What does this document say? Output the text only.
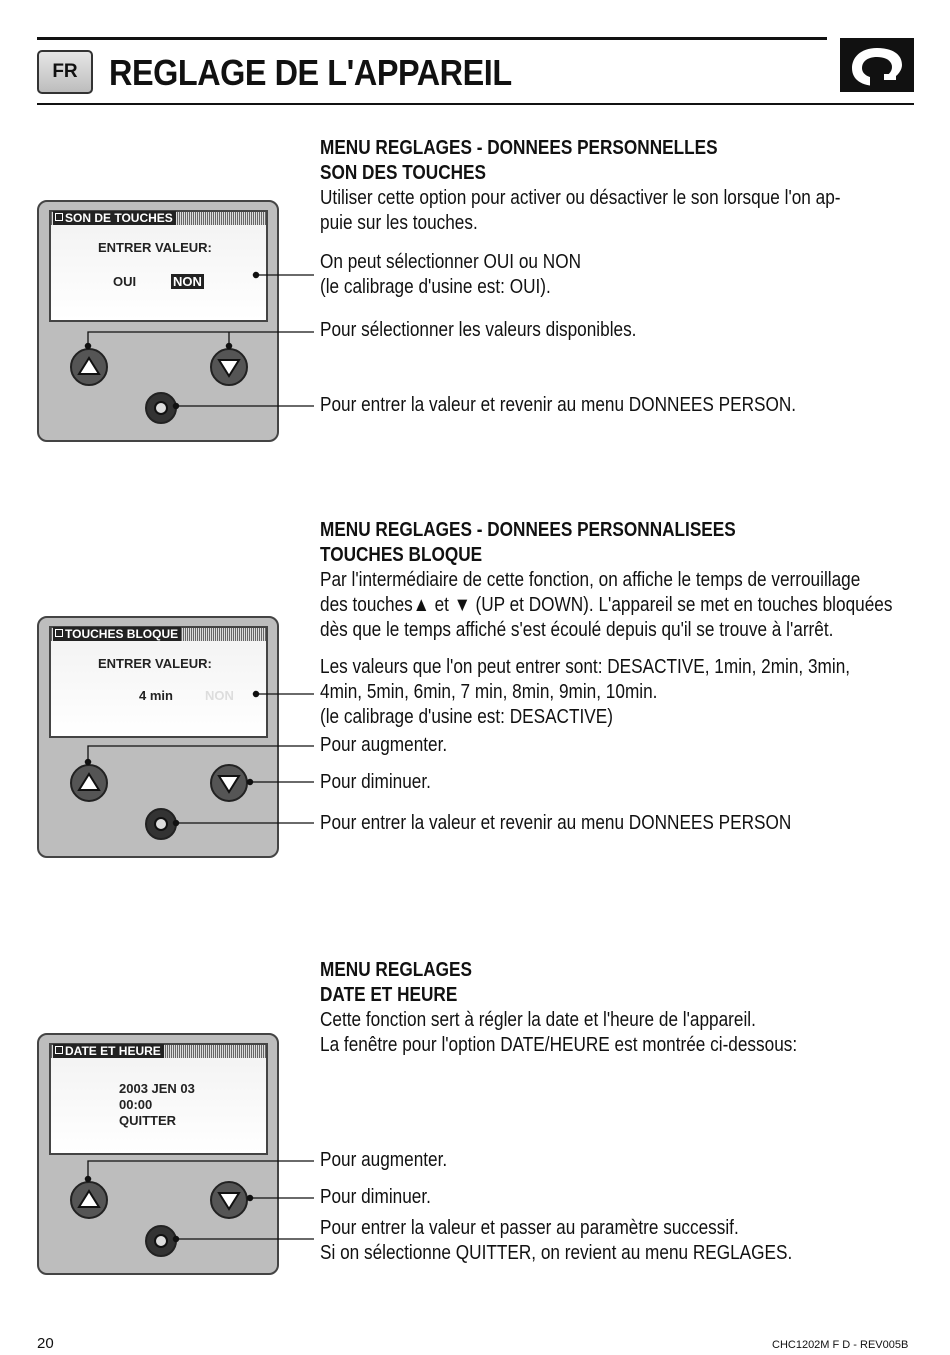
FR REGLAGE DE L'APPAREIL
MENU REGLAGES - DONNEES PERSONNELLES
SON DES TOUCHES
Utiliser cette option pour activer ou désactiver le son lorsque l'on ap-
puie sur les touches.
On peut sélectionner OUI ou NON
(le calibrage d'usine est: OUI).
Pour sélectionner les valeurs disponibles.
Pour entrer la valeur et revenir au menu DONNEES PERSON.
SON DE TOUCHES
ENTRER VALEUR:
OUI	NON
MENU REGLAGES - DONNEES PERSONNALISEES
TOUCHES BLOQUE
Par l'intermédiaire de cette fonction, on affiche le temps de verrouillage
des touches▲ et ▼ (UP et DOWN). L'appareil se met en touches bloquées
dès que le temps affiché s'est écoulé depuis qu'il se trouve à l'arrêt.
Les valeurs que l'on peut entrer sont: DESACTIVE, 1min, 2min, 3min,
4min, 5min, 6min, 7 min, 8min, 9min, 10min.
(le calibrage d'usine est: DESACTIVE)
Pour augmenter.
Pour diminuer.
Pour entrer la valeur et revenir au menu DONNEES PERSON
TOUCHES BLOQUE
ENTRER VALEUR:
4 min NON
MENU REGLAGES
DATE ET HEURE
Cette fonction sert à régler la date et l'heure de l'appareil.
La fenêtre pour l'option DATE/HEURE est montrée ci-dessous:
Pour augmenter.
Pour diminuer.
Pour entrer la valeur et passer au paramètre successif.
Si on sélectionne QUITTER, on revient au menu REGLAGES.
DATE ET HEURE
2003 JEN 03
00:00
QUITTER
20	CHC1202M F D - REV005B
